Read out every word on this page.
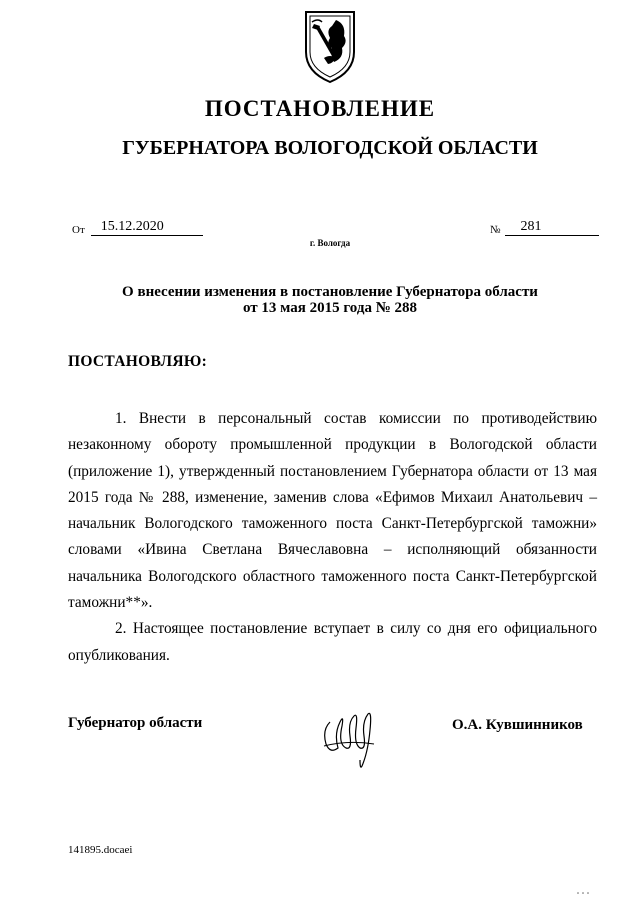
ПОСТАНОВЛЕНИЕ
ГУБЕРНАТОРА ВОЛОГОДСКОЙ ОБЛАСТИ
От	15.12.2020	№	281
г. Вологда
О внесении изменения в постановление Губернатора области
от 13 мая 2015 года № 288
ПОСТАНОВЛЯЮ:

1. Внести в персональный состав комиссии по противодействию незаконному обороту промышленной продукции в Вологодской области (приложение 1), утвержденный постановлением Губернатора области от 13 мая 2015 года № 288, изменение, заменив слова «Ефимов Михаил Анатольевич – начальник Вологодского таможенного поста Санкт-Петербургской таможни» словами «Ивина Светлана Вячеславовна – исполняющий обязанности начальника Вологодского областного таможенного поста Санкт-Петербургской таможни**».

2. Настоящее постановление вступает в силу со дня его официального опубликования.

Губернатор области	О.А. Кувшинников
141895.docaei
